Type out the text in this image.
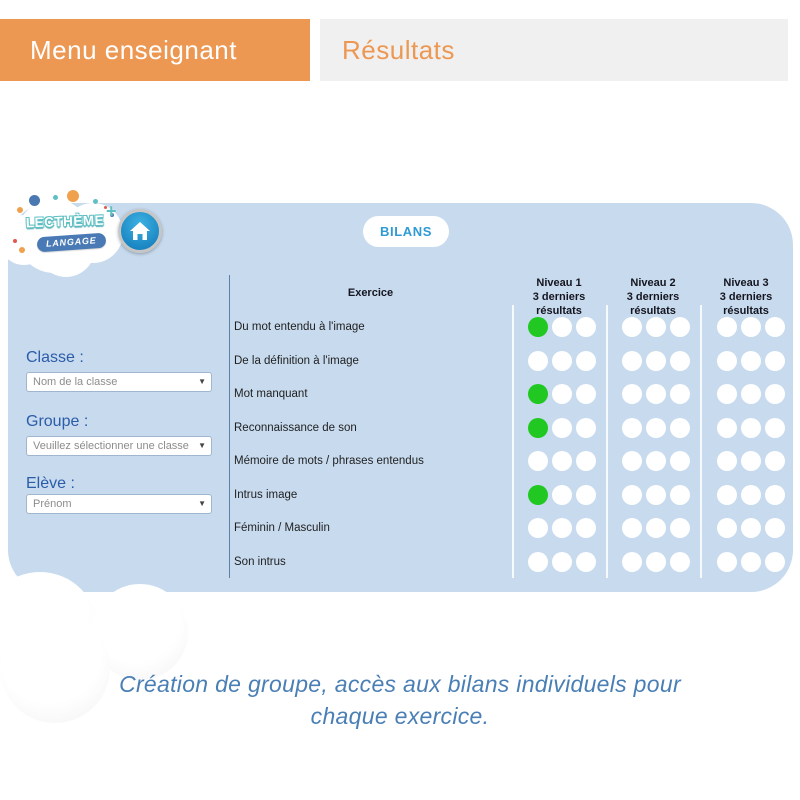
Menu enseignant	Résultats
LECTHÈME
+
LANGAGE
BILANS
Classe :
Nom de la classe	▼
Groupe :
Veuillez sélectionner une classe ▼
Elève :
Prénom	▼
Exercice
Niveau 1
3 derniers résultats
Niveau 2
3 derniers résultats
Niveau 3
3 derniers résultats
Du mot entendu à l'image
De la définition à l'image
Mot manquant
Reconnaissance de son
Mémoire de mots / phrases entendus
Intrus image
Féminin / Masculin
Son intrus
Création de groupe, accès aux bilans individuels pour
chaque exercice.
